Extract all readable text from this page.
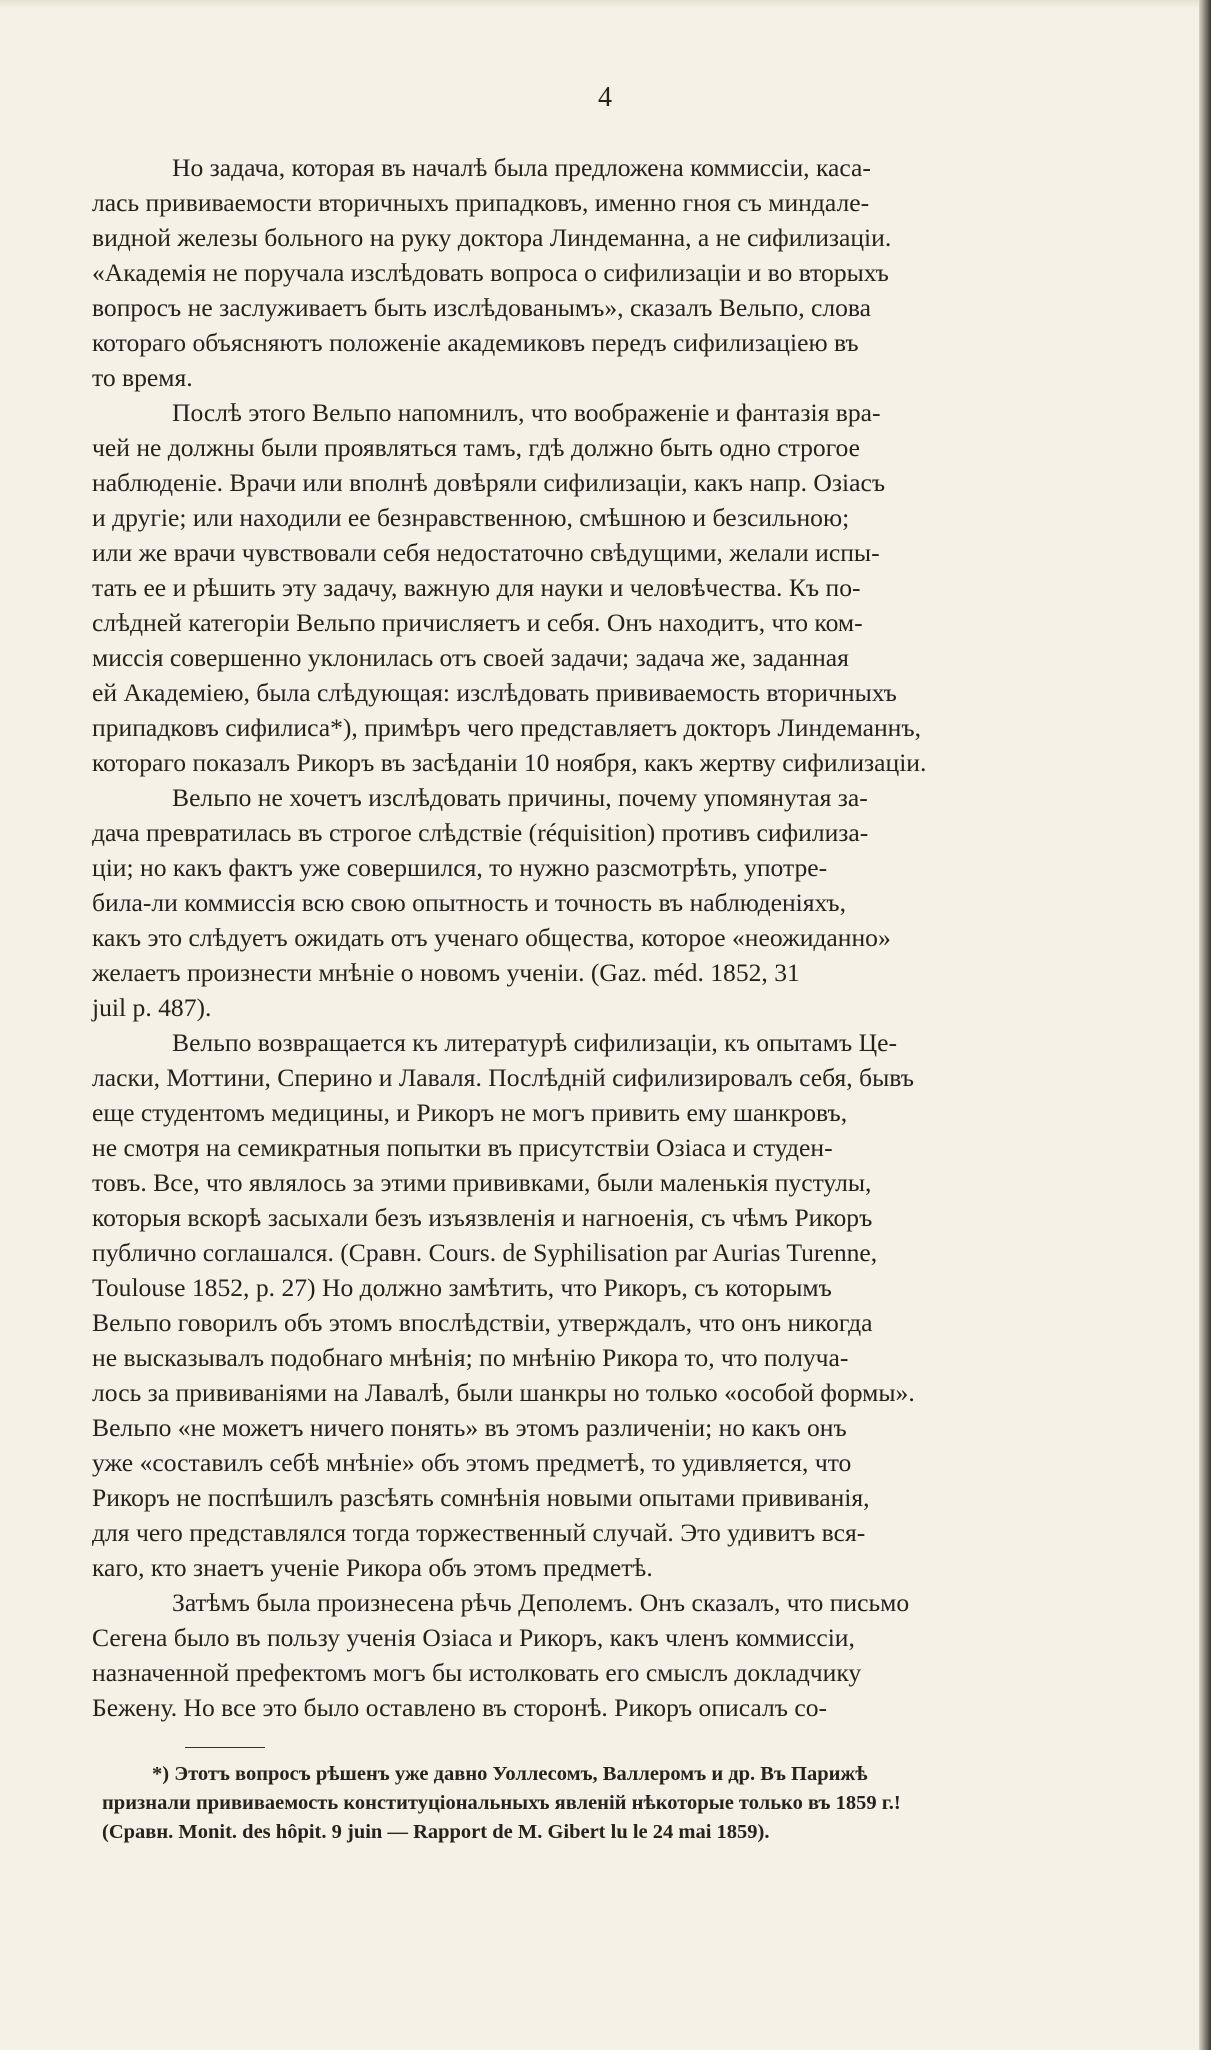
4
Но задача, которая въ началѣ была предложена коммиссіи, каса-
лась прививаемости вторичныхъ припадковъ, именно гноя съ миндале-
видной железы больного на руку доктора Линдеманна, а не сифилизаціи.
«Академія не поручала изслѣдовать вопроса о сифилизаціи и во вторыхъ
вопросъ не заслуживаетъ быть изслѣдованымъ», сказалъ Вельпо, слова
котораго объясняютъ положеніе академиковъ передъ сифилизаціею въ
то время.
Послѣ этого Вельпо напомнилъ, что воображеніе и фантазія вра-
чей не должны были проявляться тамъ, гдѣ должно быть одно строгое
наблюденіе. Врачи или вполнѣ довѣряли сифилизаціи, какъ напр. Озіасъ
и другіе; или находили ее безнравственною, смѣшною и безсильною;
или же врачи чувствовали себя недостаточно свѣдущими, желали испы-
тать ее и рѣшить эту задачу, важную для науки и человѣчества. Къ по-
слѣдней категоріи Вельпо причисляетъ и себя. Онъ находитъ, что ком-
миссія совершенно уклонилась отъ своей задачи; задача же, заданная
ей Академіею, была слѣдующая: изслѣдовать прививаемость вторичныхъ
припадковъ сифилиса*), примѣръ чего представляетъ докторъ Линдеманнъ,
котораго показалъ Рикоръ въ засѣданіи 10 ноября, какъ жертву сифилизаціи.
Вельпо не хочетъ изслѣдовать причины, почему упомянутая за-
дача превратилась въ строгое слѣдствіе (réquisition) противъ сифилиза-
ціи; но какъ фактъ уже совершился, то нужно разсмотрѣть, употре-
била-ли коммиссія всю свою опытность и точность въ наблюденіяхъ,
какъ это слѣдуетъ ожидать отъ ученаго общества, которое «неожиданно»
желаетъ произнести мнѣніе о новомъ ученіи. (Gaz. méd. 1852, 31
juil p. 487).
Вельпо возвращается къ литературѣ сифилизаціи, къ опытамъ Це-
ласки, Моттини, Сперино и Лаваля. Послѣдній сифилизировалъ себя, бывъ
еще студентомъ медицины, и Рикоръ не могъ привить ему шанкровъ,
не смотря на семикратныя попытки въ присутствіи Озіаса и студен-
товъ. Все, что являлось за этими прививками, были маленькія пустулы,
которыя вскорѣ засыхали безъ изъязвленія и нагноенія, съ чѣмъ Рикоръ
публично соглашался. (Сравн. Cours. de Syphilisation par Aurias Turenne,
Toulouse 1852, p. 27) Но должно замѣтить, что Рикоръ, съ которымъ
Вельпо говорилъ объ этомъ впослѣдствіи, утверждалъ, что онъ никогда
не высказывалъ подобнаго мнѣнія; по мнѣнію Рикора то, что получа-
лось за прививаніями на Лавалѣ, были шанкры но только «особой формы».
Вельпо «не можетъ ничего понять» въ этомъ различеніи; но какъ онъ
уже «составилъ себѣ мнѣніе» объ этомъ предметѣ, то удивляется, что
Рикоръ не поспѣшилъ разсѣять сомнѣнія новыми опытами прививанія,
для чего представлялся тогда торжественный случай. Это удивитъ вся-
каго, кто знаетъ ученіе Рикора объ этомъ предметѣ.
Затѣмъ была произнесена рѣчь Деполемъ. Онъ сказалъ, что письмо
Сегена было въ пользу ученія Озіаса и Рикоръ, какъ членъ коммиссіи,
назначенной префектомъ могъ бы истолковать его смыслъ докладчику
Бежену. Но все это было оставлено въ сторонѣ. Рикоръ описалъ со-
*) Этотъ вопросъ рѣшенъ уже давно Уоллесомъ, Валлеромъ и др. Въ Парижѣ
признали прививаемость конституціональныхъ явленій нѣкоторые только въ 1859 г.!
(Сравн. Monit. des hôpit. 9 juin — Rapport de M. Gibert lu le 24 mai 1859).
